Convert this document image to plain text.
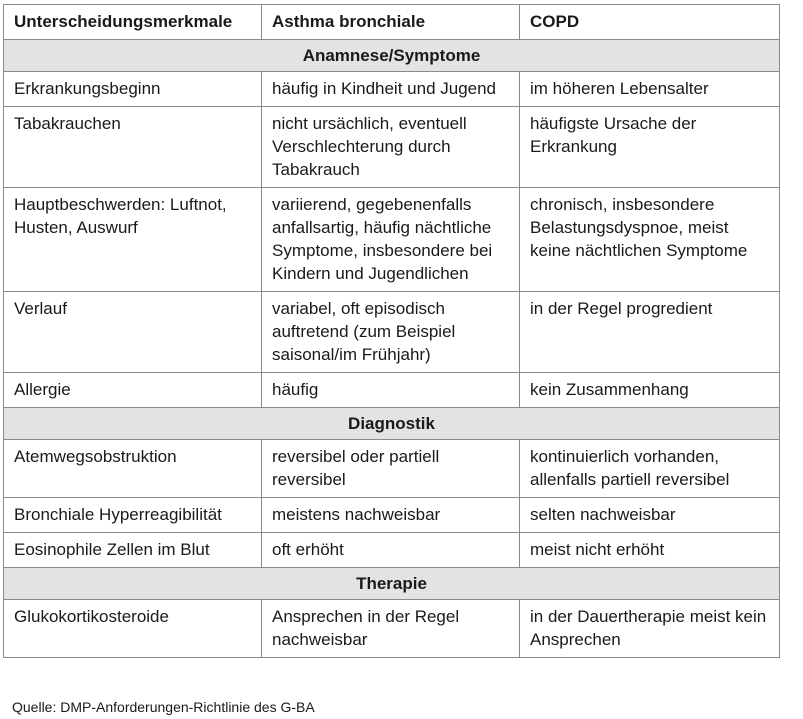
Unterscheidungsmerkmale	Asthma bronchiale	COPD
Anamnese/Symptome		
Erkrankungsbeginn	häufig in Kindheit und Jugend	im höheren Lebensalter
Tabakrauchen	nicht ursächlich, eventuell Verschlechterung durch Tabakrauch	häufigste Ursache der Erkrankung
Hauptbeschwerden: Luftnot, Husten, Auswurf	variierend, gegebenenfalls anfallsartig, häufig nächtliche Symptome, insbesondere bei Kindern und Jugendlichen	chronisch, insbesondere Belastungsdyspnoe, meist keine nächtlichen Symptome
Verlauf	variabel, oft episodisch auftretend (zum Beispiel saisonal/im Frühjahr)	in der Regel progredient
Allergie	häufig	kein Zusammenhang
Diagnostik		
Atemwegsobstruktion	reversibel oder partiell reversibel	kontinuierlich vorhanden, allenfalls partiell reversibel
Bronchiale Hyperreagibilität	meistens nachweisbar	selten nachweisbar
Eosinophile Zellen im Blut	oft erhöht	meist nicht erhöht
Therapie		
Glukokortikosteroide	Ansprechen in der Regel nachweisbar	in der Dauertherapie meist kein Ansprechen
Quelle: DMP-Anforderungen-Richtlinie des G-BA
